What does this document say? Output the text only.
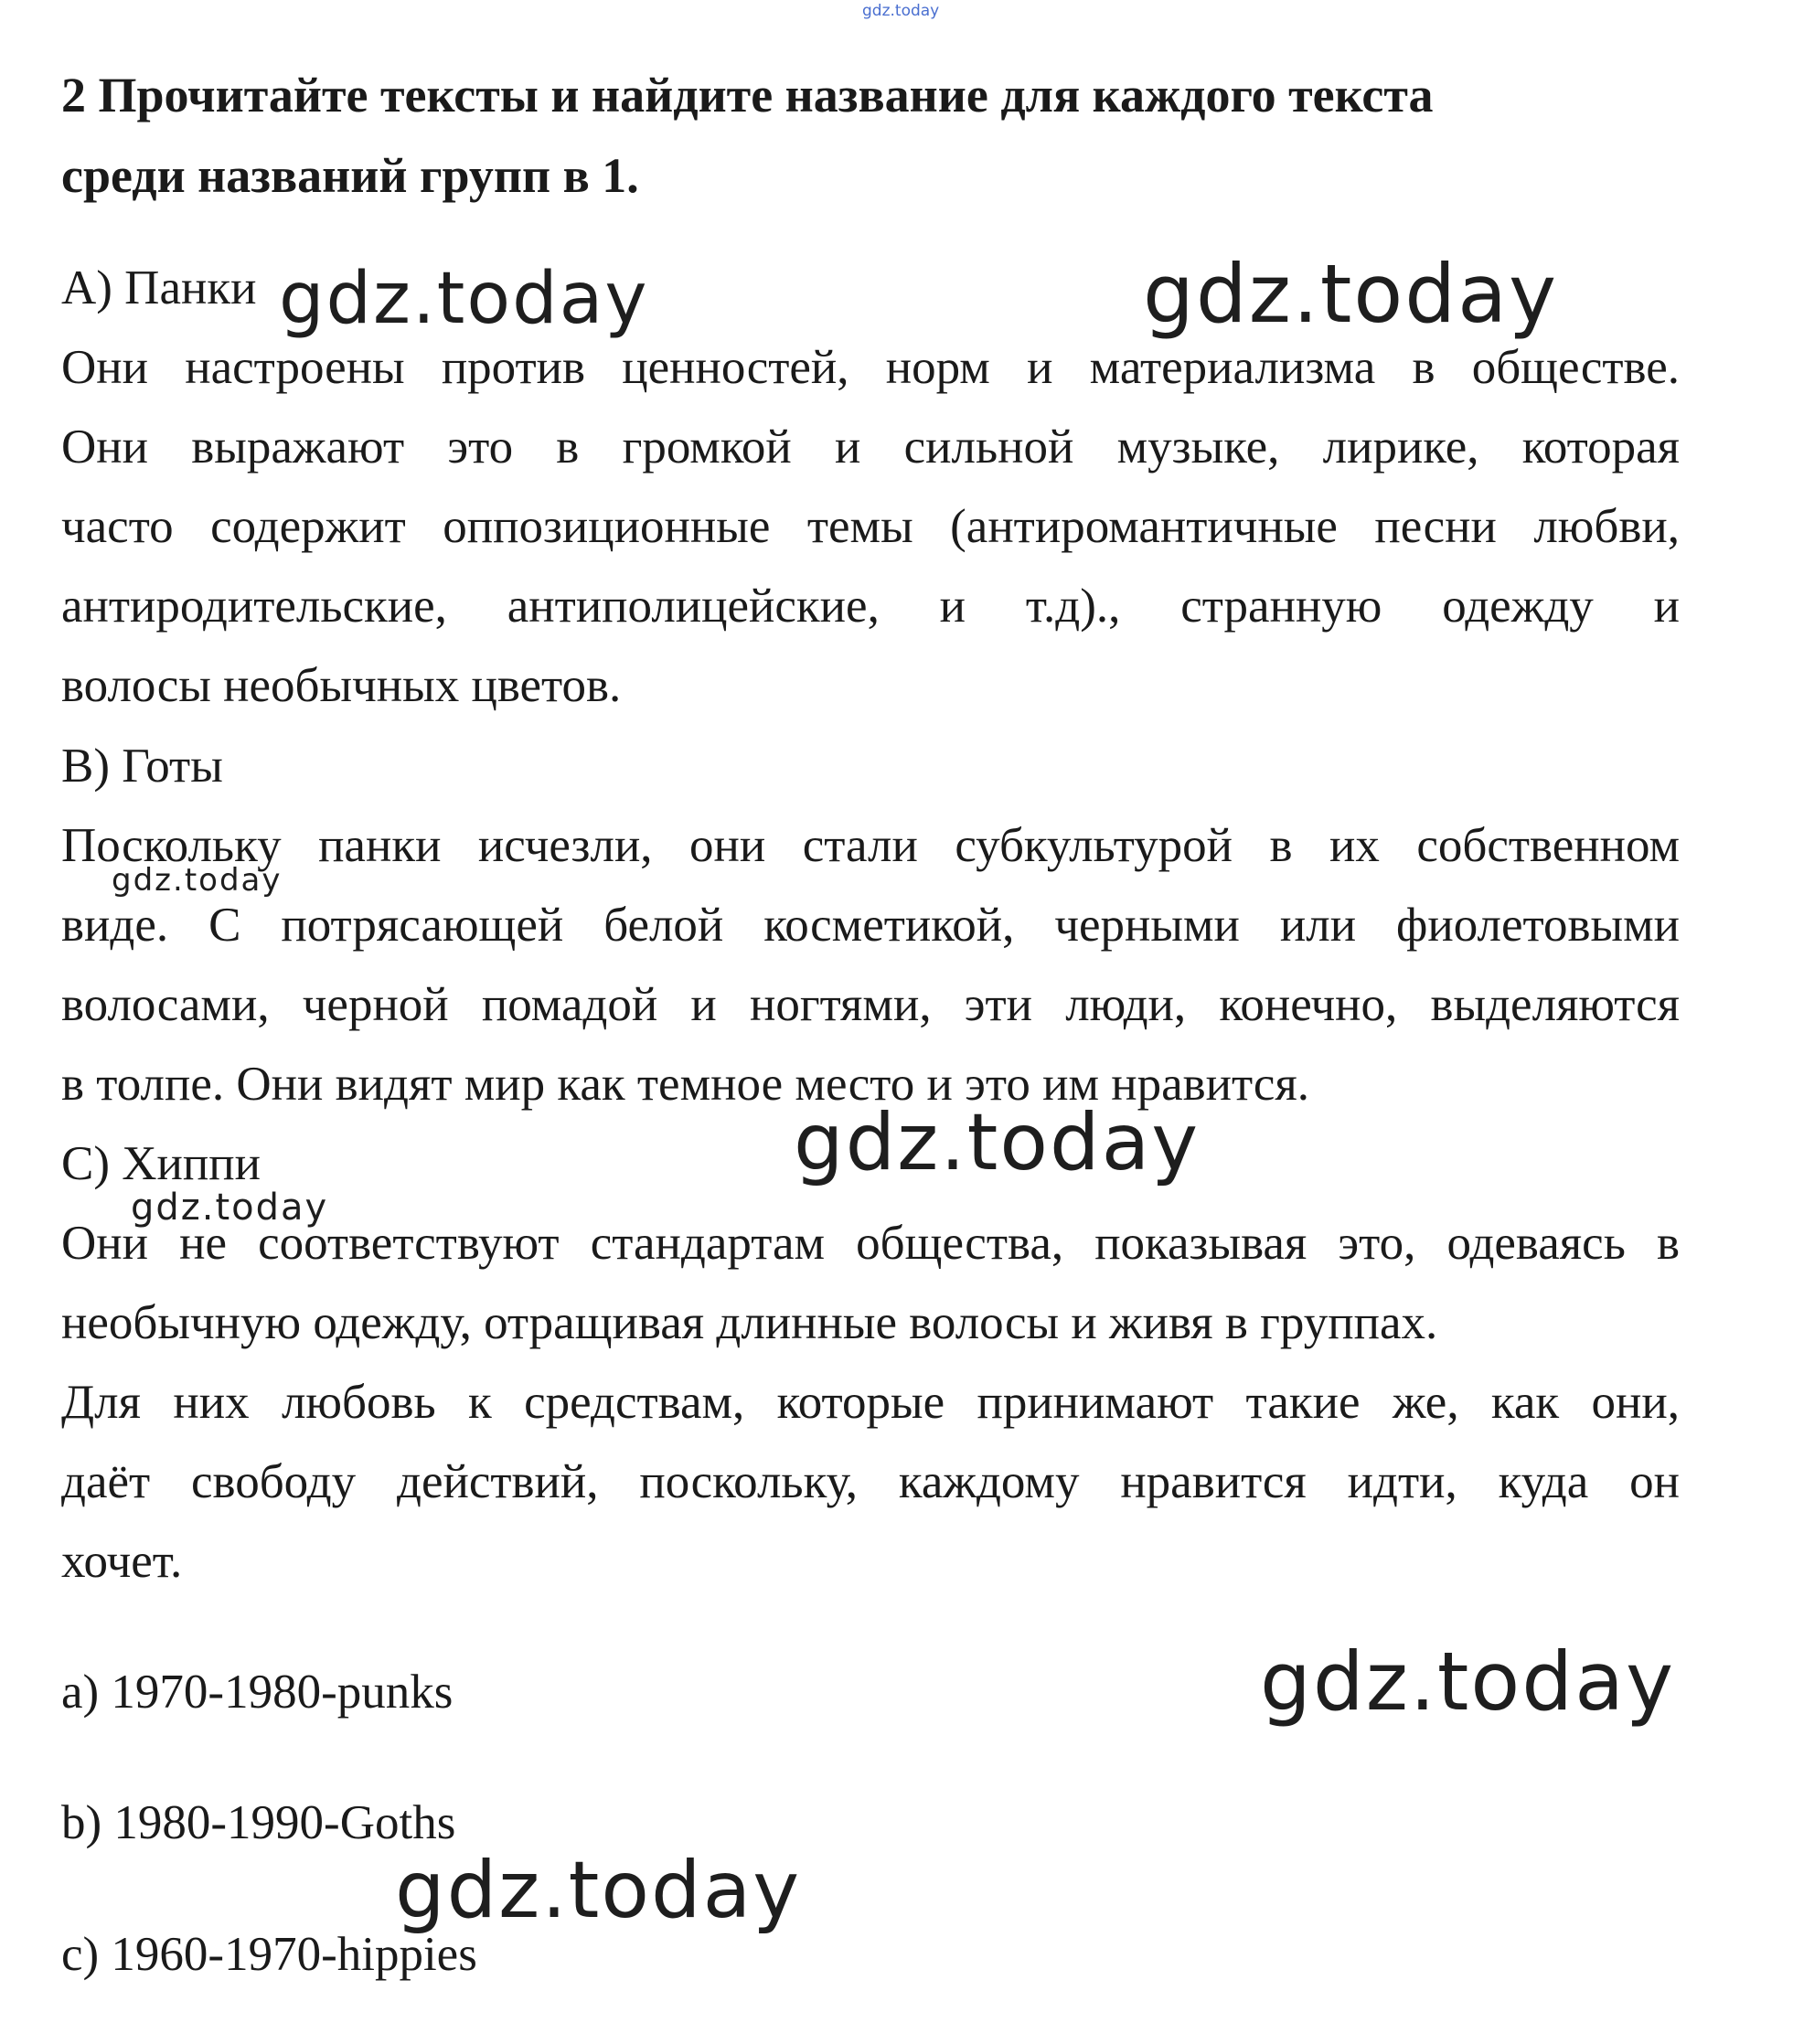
gdz.today
2 Прочитайте тексты и найдите название для каждого текста
среди названий групп в 1.
A) Панки
Они настроены против ценностей, норм и материализма в обществе.
Они выражают это в громкой и сильной музыке, лирике, которая
часто содержит оппозиционные темы (антиромантичные песни любви,
антиродительские, антиполицейские, и т.д)., странную одежду и
волосы необычных цветов.
B) Готы
Поскольку панки исчезли, они стали субкультурой в их собственном
виде. С потрясающей белой косметикой, черными или фиолетовыми
волосами, черной помадой и ногтями, эти люди, конечно, выделяются
в толпе. Они видят мир как темное место и это им нравится.
C) Хиппи
Они не соответствуют стандартам общества, показывая это, одеваясь в
необычную одежду, отращивая длинные волосы и живя в группах.
Для них любовь к средствам, которые принимают такие же, как они,
даёт свободу действий, поскольку, каждому нравится идти, куда он
хочет.
a) 1970-1980-punks
b) 1980-1990-Goths
c) 1960-1970-hippies
gdz.today	gdz.today
gdz.today
gdz.today
gdz.today
gdz.today
gdz.today
